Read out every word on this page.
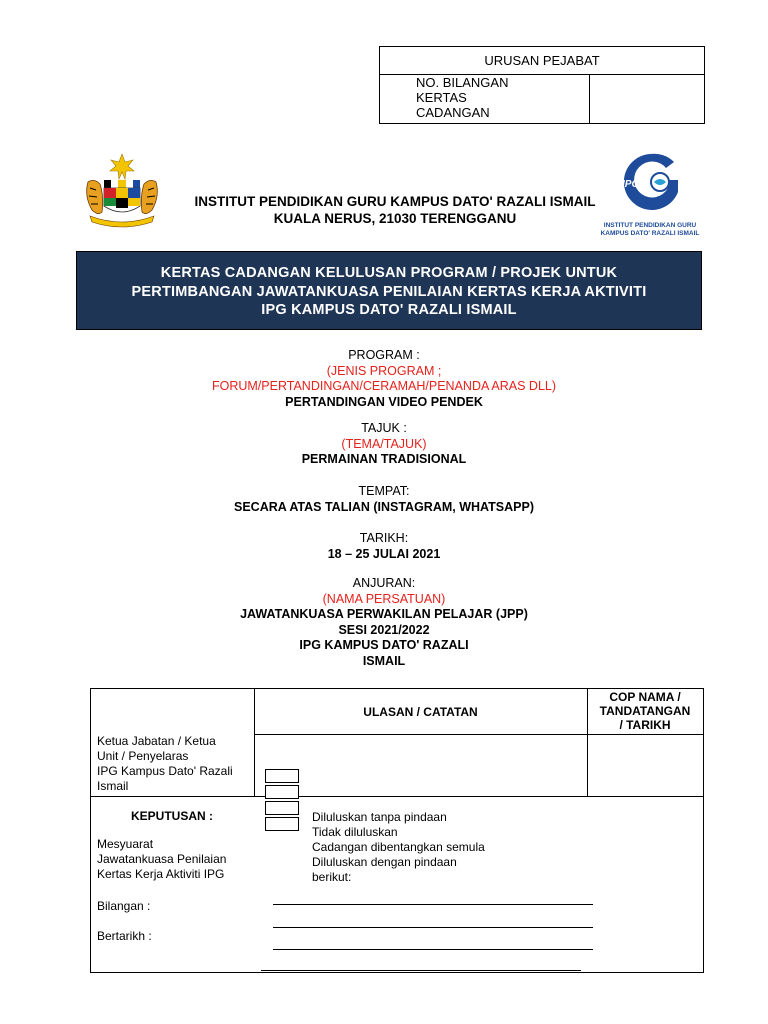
URUSAN PEJABAT
NO. BILANGAN
KERTAS
CADANGAN
INSTITUT PENDIDIKAN GURU KAMPUS DATO' RAZALI ISMAIL
KUALA NERUS, 21030 TERENGGANU
IPG
INSTITUT PENDIDIKAN GURU
KAMPUS DATO' RAZALI ISMAIL
KERTAS CADANGAN KELULUSAN PROGRAM / PROJEK UNTUK
PERTIMBANGAN JAWATANKUASA PENILAIAN KERTAS KERJA AKTIVITI
IPG KAMPUS DATO' RAZALI ISMAIL
PROGRAM :
(JENIS PROGRAM ;
FORUM/PERTANDINGAN/CERAMAH/PENANDA ARAS DLL)
PERTANDINGAN VIDEO PENDEK
TAJUK :
(TEMA/TAJUK)
PERMAINAN TRADISIONAL
TEMPAT:
SECARA ATAS TALIAN (INSTAGRAM, WHATSAPP)
TARIKH:
18 – 25 JULAI 2021
ANJURAN:
(NAMA PERSATUAN)
JAWATANKUASA PERWAKILAN PELAJAR (JPP)
SESI 2021/2022
IPG KAMPUS DATO' RAZALI
ISMAIL
ULASAN / CATATAN
COP NAMA /
TANDATANGAN
/ TARIKH
Ketua Jabatan / Ketua
Unit / Penyelaras
IPG Kampus Dato' Razali
Ismail
KEPUTUSAN :
Mesyuarat
Jawatankuasa Penilaian
Kertas Kerja Aktiviti IPG
Bilangan :
Bertarikh :
Diluluskan tanpa pindaan
Tidak diluluskan
Cadangan dibentangkan semula
Diluluskan dengan pindaan
berikut:
